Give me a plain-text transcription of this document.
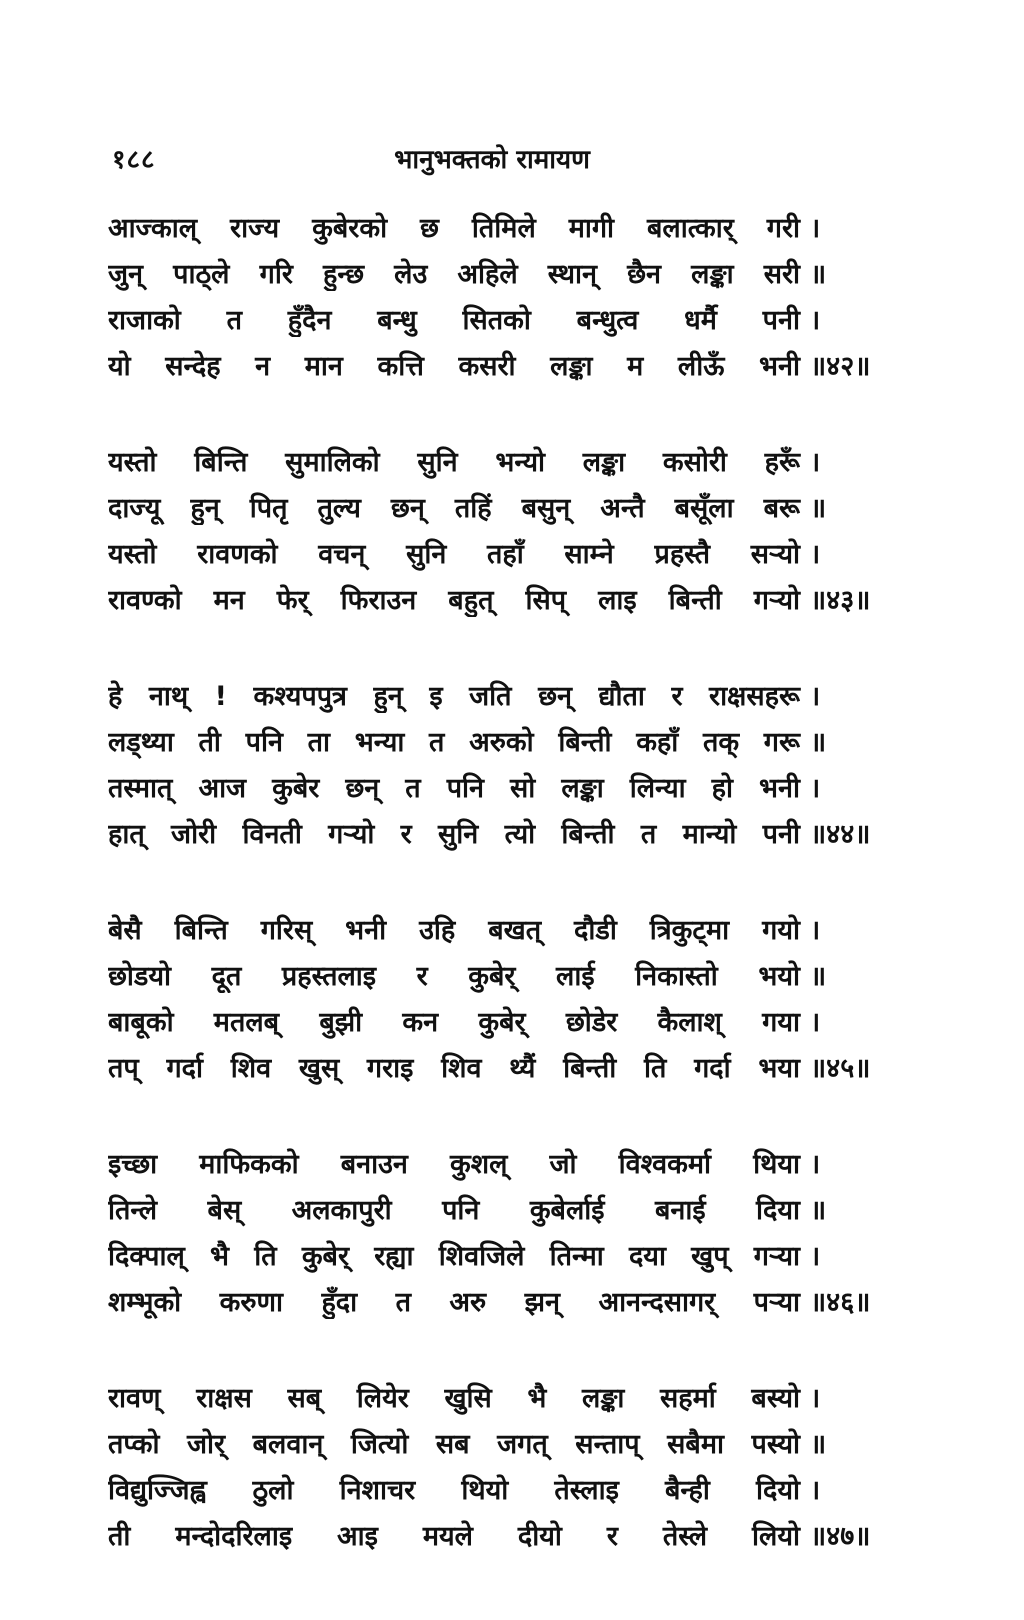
१८८	भानुभक्तको रामायण
आज्काल् राज्य कुबेरको छ तिमिले मागी बलात्कार् गरी ।
जुन् पाठ्ले गरि हुन्छ लेउ अहिले स्थान् छैन लङ्का सरी ॥
राजाको त हुँदैन बन्धु सितको बन्धुत्व धर्मै पनी ।
यो सन्देह न मान कत्ति कसरी लङ्का म लीऊँ भनी ॥४२॥
यस्तो बिन्ति सुमालिको सुनि भन्यो लङ्का कसोरी हरूँ ।
दाज्यू हुन् पितृ तुल्य छन् तहिं बसुन् अन्तै बसूँला बरू ॥
यस्तो रावणको वचन् सुनि तहाँ साम्ने प्रहस्तै सऱ्यो ।
रावण्को मन फेर् फिराउन बहुत् सिप् लाइ बिन्ती गऱ्यो ॥४३॥
हे नाथ् ! कश्यपपुत्र हुन् इ जति छन् द्यौता र राक्षसहरू ।
लड्थ्या ती पनि ता भन्या त अरुको बिन्ती कहाँ तक् गरू ॥
तस्मात् आज कुबेर छन् त पनि सो लङ्का लिन्या हो भनी ।
हात् जोरी विनती गऱ्यो र सुनि त्यो बिन्ती त मान्यो पनी ॥४४॥
बेसै बिन्ति गरिस् भनी उहि बखत् दौडी त्रिकुट्मा गयो ।
छोडयो दूत प्रहस्तलाइ र कुबेर् लाई निकास्तो भयो ॥
बाबूको मतलब् बुझी कन कुबेर् छोडेर कैलाश् गया ।
तप् गर्दा शिव खुस् गराइ शिव थ्यैं बिन्ती ति गर्दा भया ॥४५॥
इच्छा माफिकको बनाउन कुशल् जो विश्वकर्मा थिया ।
तिन्ले बेस् अलकापुरी पनि कुबेर्लाई बनाई दिया ॥
दिक्पाल् भै ति कुबेर् रह्या शिवजिले तिन्मा दया खुप् गऱ्या ।
शम्भूको करुणा हुँदा त अरु झन् आनन्दसागर् पऱ्या ॥४६॥
रावण् राक्षस सब् लियेर खुसि भै लङ्का सहर्मा बस्यो ।
तप्को जोर् बलवान् जित्यो सब जगत् सन्ताप् सबैमा पस्यो ॥
विद्युज्जिह्व ठुलो निशाचर थियो तेस्लाइ बैन्ही दियो ।
ती मन्दोदरिलाइ आइ मयले दीयो र तेस्ले लियो ॥४७॥
